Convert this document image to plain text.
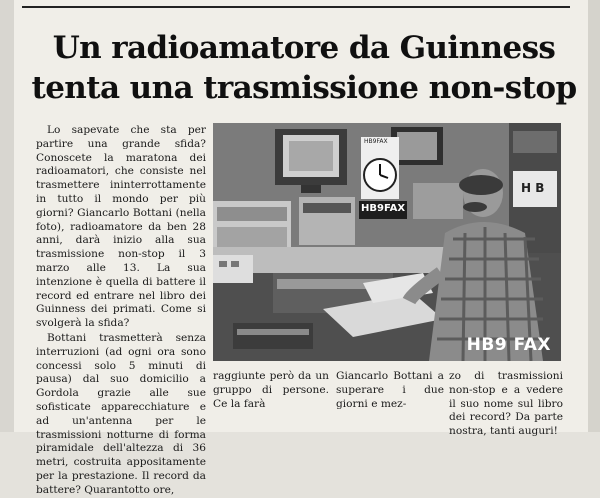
Un radioamatore da Guinness
tenta una trasmissione non-stop

Lo sapevate che sta per partire una grande sfida? Conoscete la maratona dei radioamatori, che consiste nel trasmettere ininterrottamente in tutto il mondo per più giorni? Giancarlo Bottani (nella foto), radioamatore da ben 28 anni, darà inizio alla sua trasmissione non-stop il 3 marzo alle 13. La sua intenzione è quella di battere il record ed entrare nel libro dei Guinness dei primati. Come si svolgerà la sfida?

Bottani trasmetterà senza interruzioni (ad ogni ora sono concessi solo 5 minuti di pausa) dal suo domicilio a Gordola grazie alle sue sofisticate apparecchiature e ad un'antenna per le trasmissioni notturne di forma piramidale dell'altezza di 36 metri, costruita appositamente per la prestazione. Il record da battere? Quarantotto ore,

HB9FAX
HB9FAX
H B
HB9 FAX
raggiunte però da un gruppo di persone. Ce la farà
Giancarlo Bottani a superare i due giorni e mez-
zo di trasmissioni non-stop e a vedere il suo nome sul libro dei record? Da parte nostra, tanti auguri!
